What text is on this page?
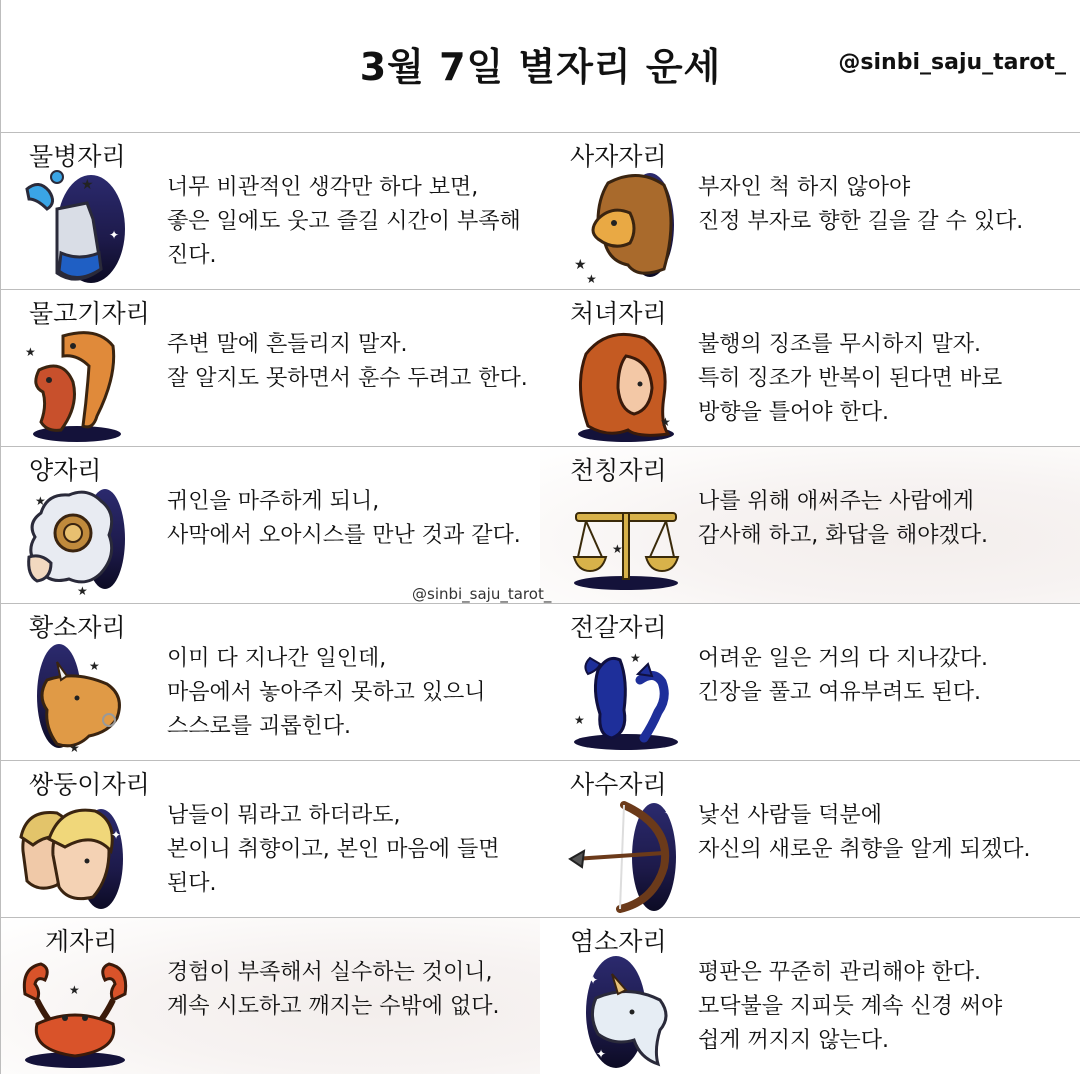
3월 7일 별자리 운세	@sinbi_saju_tarot_
물병자리
★
✦
너무 비관적인 생각만 하다 보면,
좋은 일에도 웃고 즐길 시간이 부족해
진다.
사자자리
★
★
부자인 척 하지 않아야
진정 부자로 향한 길을 갈 수 있다.
물고기자리
★	주변 말에 흔들리지 말자.
잘 알지도 못하면서 훈수 두려고 한다.
처녀자리
★
불행의 징조를 무시하지 말자.
특히 징조가 반복이 된다면 바로
방향을 틀어야 한다.
양자리
★
★
귀인을 마주하게 되니,
사막에서 오아시스를 만난 것과 같다.
천칭자리
★
나를 위해 애써주는 사람에게
감사해 하고, 화답을 해야겠다.
황소자리
★
★
이미 다 지나간 일인데,
마음에서 놓아주지 못하고 있으니
스스로를 괴롭힌다.
전갈자리
★
★
어려운 일은 거의 다 지나갔다.
긴장을 풀고 여유부려도 된다.
쌍둥이자리
✦
남들이 뭐라고 하더라도,
본이니 취향이고, 본인 마음에 들면
된다.
사수자리
✦ 낯선 사람들 덕분에
자신의 새로운 취향을 알게 되겠다.
게자리
★
경험이 부족해서 실수하는 것이니,
계속 시도하고 깨지는 수밖에 없다.
염소자리
✦
✦
평판은 꾸준히 관리해야 한다.
모닥불을 지피듯 계속 신경 써야
쉽게 꺼지지 않는다.
@sinbi_saju_tarot_
